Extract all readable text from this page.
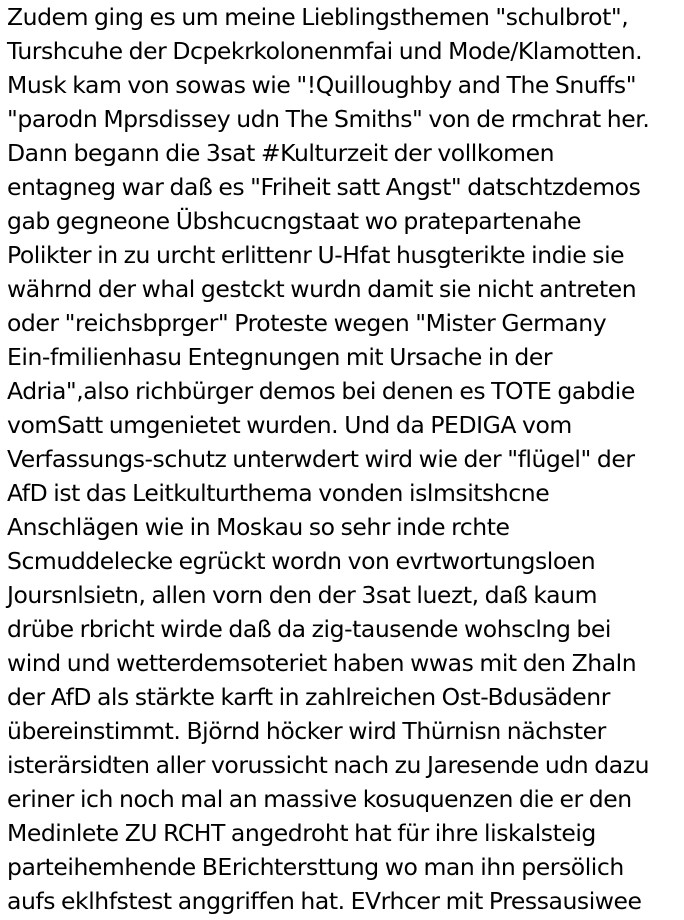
Zudem ging es um meine Lieblingsthemen "schulbrot",
Turshcuhe der Dcpekrkolonenmfai und Mode/Klamotten.
Musk kam von sowas wie "!Quilloughby and The Snuffs"
"parodn Mprsdissey udn The Smiths" von de rmchrat her.
Dann begann die 3sat #Kulturzeit der vollkomen
entagneg war daß es "Friheit satt Angst" datschtzdemos
gab gegneone Übshcucngstaat wo pratepartenahe
Polikter in zu urcht erlittenr U-Hfat husgterikte indie sie
währnd der whal gestckt wurdn damit sie nicht antreten
oder "reichsbprger" Proteste wegen "Mister Germany
Ein-fmilienhasu Entegnungen mit Ursache in der
Adria",also richbürger demos bei denen es TOTE gabdie
vomSatt umgenietet wurden. Und da PEDIGA vom
Verfassungs-schutz unterwdert wird wie der "flügel" der
AfD ist das Leitkulturthema vonden islmsitshcne
Anschlägen wie in Moskau so sehr inde rchte
Scmuddelecke egrückt wordn von evrtwortungsloen
Joursnlsietn, allen vorn den der 3sat luezt, daß kaum
drübe rbricht wirde daß da zig-tausende wohsclng bei
wind und wetterdemsoteriet haben wwas mit den Zhaln
der AfD als stärkte karft in zahlreichen Ost-Bdusädenr
übereinstimmt. Björnd höcker wird Thürnisn nächster
isterärsidten aller vorussicht nach zu Jaresende udn dazu
eriner ich noch mal an massive kosuquenzen die er den
Medinlete ZU RCHT angedroht hat für ihre liskalsteig
parteihemhende BErichtersttung wo man ihn persölich
aufs eklhfstest anggriffen hat. EVrhcer mit Pressausiwee
